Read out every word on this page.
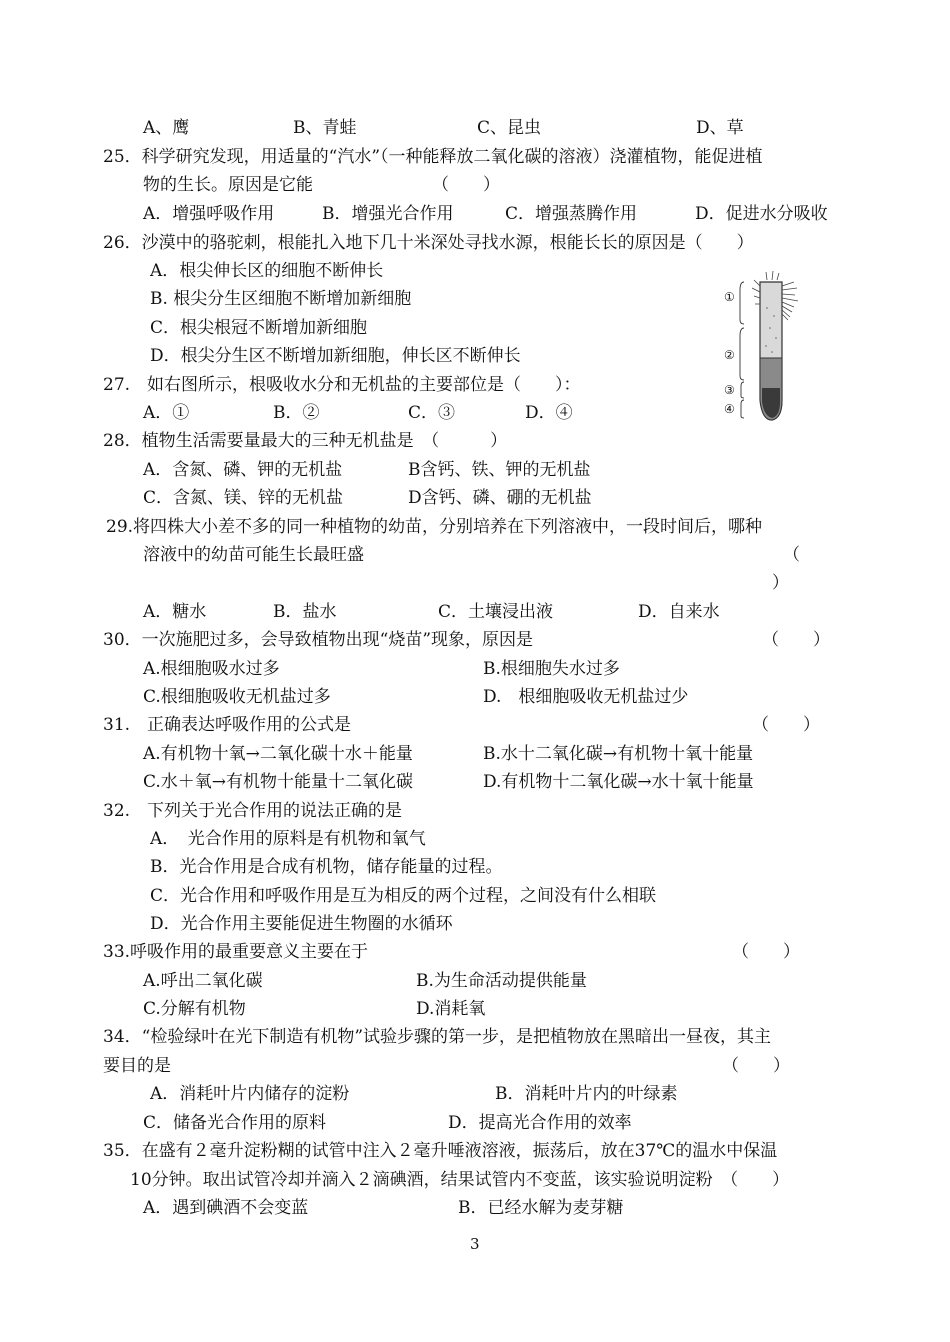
A、鹰	B、青蛙	C、昆虫	D、草
25．科学研究发现，用适量的“汽水”（一种能释放二氧化碳的溶液）浇灌植物，能促进植
物的生长。原因是它能	（　　）
A．增强呼吸作用	B．增强光合作用	C．增强蒸腾作用	D．促进水分吸收
26．沙漠中的骆驼刺，根能扎入地下几十米深处寻找水源，根能长长的原因是（　　）
A．根尖伸长区的细胞不断伸长
B. 根尖分生区细胞不断增加新细胞
C．根尖根冠不断增加新细胞
D．根尖分生区不断增加新细胞，伸长区不断伸长
①
②
③
④
27.　如右图所示，根吸收水分和无机盐的主要部位是（　　）：
A．①	B．②	C．③	D．④
28．植物生活需要量最大的三种无机盐是　（　　　）
A．含氮、磷、钾的无机盐	B含钙、铁、钾的无机盐
C．含氮、镁、锌的无机盐	D含钙、磷、硼的无机盐
29.将四株大小差不多的同一种植物的幼苗，分别培养在下列溶液中，一段时间后，哪种
溶液中的幼苗可能生长最旺盛	（
）
A．糖水	B．盐水	C．土壤浸出液	D．自来水
30．一次施肥过多，会导致植物出现“烧苗”现象，原因是	（　　）
A.根细胞吸水过多	B.根细胞失水过多
C.根细胞吸收无机盐过多	D.　根细胞吸收无机盐过少
31.　正确表达呼吸作用的公式是	（　　）
A.有机物十氧→二氧化碳十水＋能量	B.水十二氧化碳→有机物十氧十能量
C.水＋氧→有机物十能量十二氧化碳	D.有机物十二氧化碳→水十氧十能量
32.　下列关于光合作用的说法正确的是
A．　光合作用的原料是有机物和氧气
B．光合作用是合成有机物，储存能量的过程。
C．光合作用和呼吸作用是互为相反的两个过程，之间没有什么相联
D．光合作用主要能促进生物圈的水循环
33.呼吸作用的最重要意义主要在于	（　　）
A.呼出二氧化碳	B.为生命活动提供能量
C.分解有机物	D.消耗氧
34．“检验绿叶在光下制造有机物”试验步骤的第一步，是把植物放在黑暗出一昼夜，其主
要目的是	（　　）
A．消耗叶片内储存的淀粉	B．消耗叶片内的叶绿素
C．储备光合作用的原料	D．提高光合作用的效率
35．在盛有２毫升淀粉糊的试管中注入２毫升唾液溶液，振荡后，放在37℃的温水中保温
10分钟。取出试管冷却并滴入２滴碘酒，结果试管内不变蓝，该实验说明淀粉　（　　）
A．遇到碘酒不会变蓝	B．已经水解为麦芽糖
3
